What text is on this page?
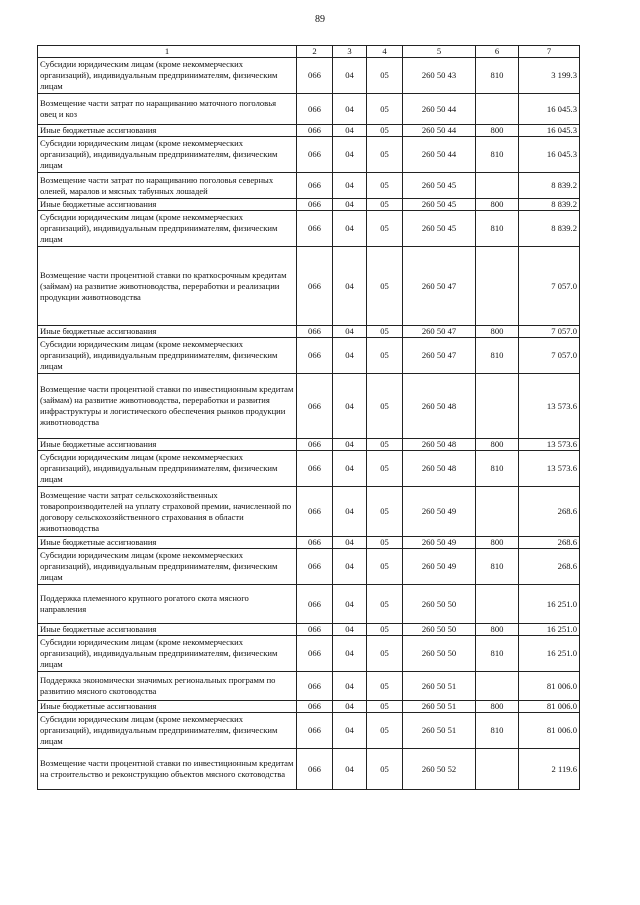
89
1	2	3	4	5	6	7
Субсидии юридическим лицам (кроме некоммерческих организаций), индивидуальным предпринимателям, физическим лицам	066	04	05	260 50 43	810	3 199.3
Возмещение части затрат по наращиванию маточного поголовья овец и коз	066	04	05	260 50 44		16 045.3
Иные бюджетные ассигнования	066	04	05	260 50 44	800	16 045.3
Субсидии юридическим лицам (кроме некоммерческих организаций), индивидуальным предпринимателям, физическим лицам	066	04	05	260 50 44	810	16 045.3
Возмещение части затрат по наращиванию поголовья северных оленей, маралов и мясных табунных лошадей	066	04	05	260 50 45		8 839.2
Иные бюджетные ассигнования	066	04	05	260 50 45	800	8 839.2
Субсидии юридическим лицам (кроме некоммерческих организаций), индивидуальным предпринимателям, физическим лицам	066	04	05	260 50 45	810	8 839.2
Возмещение части процентной ставки по краткосрочным кредитам (займам) на развитие животноводства, переработки и реализации продукции животноводства	066	04	05	260 50 47		7 057.0
Иные бюджетные ассигнования	066	04	05	260 50 47	800	7 057.0
Субсидии юридическим лицам (кроме некоммерческих организаций), индивидуальным предпринимателям, физическим лицам	066	04	05	260 50 47	810	7 057.0
Возмещение части процентной ставки по инвестиционным кредитам (займам) на развитие животноводства, переработки и развития инфраструктуры и логистического обеспечения рынков продукции животноводства	066	04	05	260 50 48		13 573.6
Иные бюджетные ассигнования	066	04	05	260 50 48	800	13 573.6
Субсидии юридическим лицам (кроме некоммерческих организаций), индивидуальным предпринимателям, физическим лицам	066	04	05	260 50 48	810	13 573.6
Возмещение части затрат сельскохозяйственных товаропроизводителей на уплату страховой премии, начисленной по договору сельскохозяйственного страхования в области животноводства	066	04	05	260 50 49		268.6
Иные бюджетные ассигнования	066	04	05	260 50 49	800	268.6
Субсидии юридическим лицам (кроме некоммерческих организаций), индивидуальным предпринимателям, физическим лицам	066	04	05	260 50 49	810	268.6
Поддержка племенного крупного рогатого скота мясного направления	066	04	05	260 50 50		16 251.0
Иные бюджетные ассигнования	066	04	05	260 50 50	800	16 251.0
Субсидии юридическим лицам (кроме некоммерческих организаций), индивидуальным предпринимателям, физическим лицам	066	04	05	260 50 50	810	16 251.0
Поддержка экономически значимых региональных программ по развитию мясного скотоводства	066	04	05	260 50 51		81 006.0
Иные бюджетные ассигнования	066	04	05	260 50 51	800	81 006.0
Субсидии юридическим лицам (кроме некоммерческих организаций), индивидуальным предпринимателям, физическим лицам	066	04	05	260 50 51	810	81 006.0
Возмещение части процентной ставки по инвестиционным кредитам на строительство и реконструкцию объектов мясного скотоводства	066	04	05	260 50 52		2 119.6
